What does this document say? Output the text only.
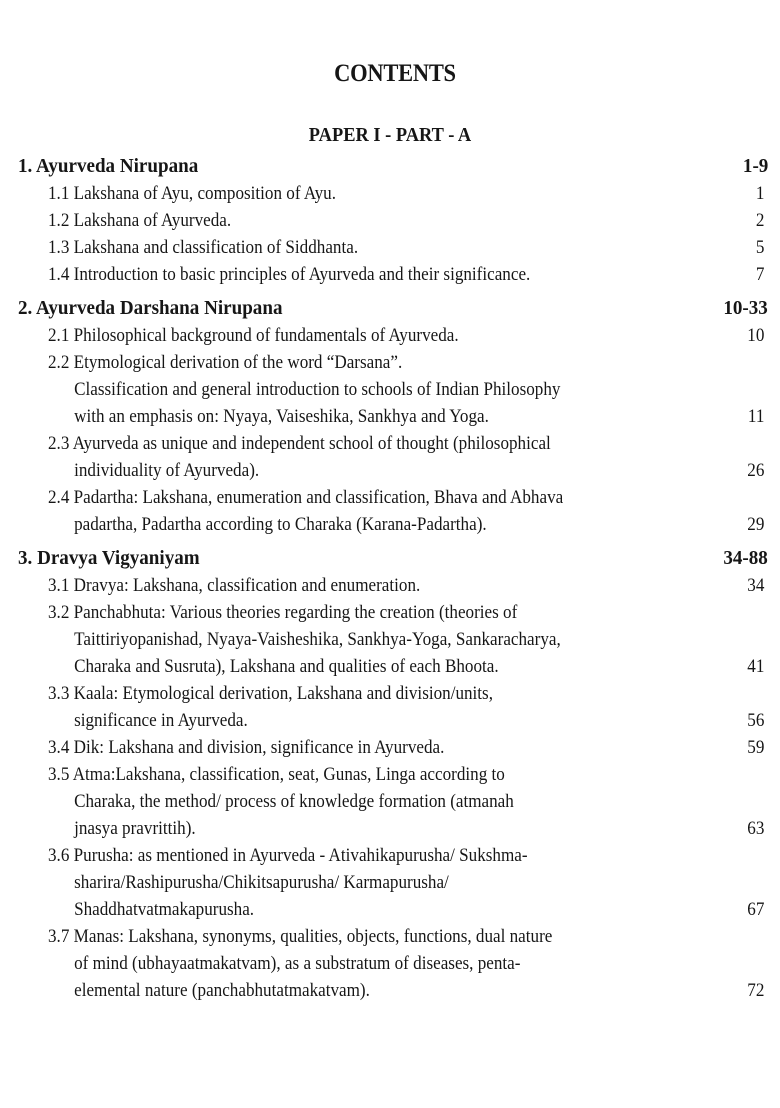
CONTENTS
PAPER I - PART - A
1. Ayurveda Nirupana	1-9
1.1 Lakshana of Ayu, composition of Ayu.	1
1.2 Lakshana of Ayurveda.	2
1.3 Lakshana and classification of Siddhanta.	5
1.4 Introduction to basic principles of Ayurveda and their significance.	7
2. Ayurveda Darshana Nirupana	10-33
2.1 Philosophical background of fundamentals of Ayurveda.	10
2.2 Etymological derivation of the word “Darsana”.
Classification and general introduction to schools of Indian Philosophy
with an emphasis on: Nyaya, Vaiseshika, Sankhya and Yoga.	11
2.3 Ayurveda as unique and independent school of thought (philosophical
individuality of Ayurveda).	26
2.4 Padartha: Lakshana, enumeration and classification, Bhava and Abhava
padartha, Padartha according to Charaka (Karana-Padartha).	29
3. Dravya Vigyaniyam	34-88
3.1 Dravya: Lakshana, classification and enumeration.	34
3.2 Panchabhuta: Various theories regarding the creation (theories of
Taittiriyopanishad, Nyaya-Vaisheshika, Sankhya-Yoga, Sankaracharya,
Charaka and Susruta), Lakshana and qualities of each Bhoota.	41
3.3 Kaala: Etymological derivation, Lakshana and division/units,
significance in Ayurveda.	56
3.4 Dik: Lakshana and division, significance in Ayurveda.	59
3.5 Atma:Lakshana, classification, seat, Gunas, Linga according to
Charaka, the method/ process of knowledge formation (atmanah
jnasya pravrittih).	63
3.6 Purusha: as mentioned in Ayurveda - Ativahikapurusha/ Sukshma-
sharira/Rashipurusha/Chikitsapurusha/ Karmapurusha/
Shaddhatvatmakapurusha.	67
3.7 Manas: Lakshana, synonyms, qualities, objects, functions, dual nature
of mind (ubhayaatmakatvam), as a substratum of diseases, penta-
elemental nature (panchabhutatmakatvam).	72
